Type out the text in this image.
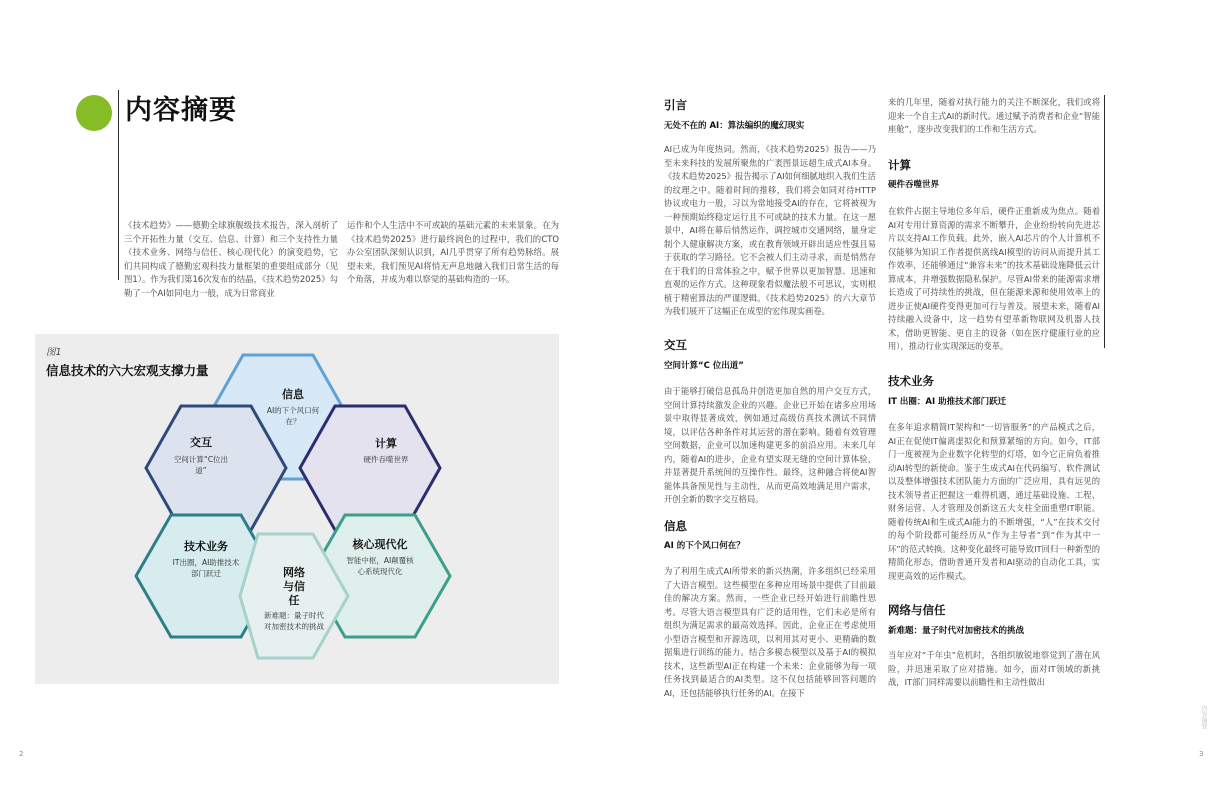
内容摘要

《技术趋势》——德勤全球旗舰级技术报告，深入剖析了三个开拓性力量（交互、信息、计算）和三个支持性力量（技术业务、网络与信任、核心现代化）的演变趋势，它们共同构成了德勤宏观科技力量框架的重要组成部分（见图1）。作为我们第16次发布的结晶，《技术趋势2025》勾勒了一个AI如同电力一般，成为日常商业

运作和个人生活中不可或缺的基础元素的未来景象。在为《技术趋势2025》进行最终润色的过程中，我们的CTO办公室团队深刻认识到，AI几乎贯穿了所有趋势脉络。展望未来，我们预见AI将悄无声息地融入我们日常生活的每个角落，并成为难以察觉的基础构造的一环。

图1
信息技术的六大宏观支撑力量
信息
AI的下个风口何在？
交互
空间计算“C位出道”
计算
硬件吞噬世界
技术业务
IT出圈，AI助推技术部门跃迁
核心现代化
智能中枢，AI颠覆核心系统现代化
网络与信任
新难题：量子时代对加密技术的挑战
2
引言
无处不在的 AI：算法编织的魔幻现实

AI已成为年度热词。然而，《技术趋势2025》报告——乃至未来科技的发展所聚焦的广袤图景远超生成式AI本身。《技术趋势2025》报告揭示了AI如何细腻地织入我们生活的纹理之中。随着时间的推移，我们将会如同对待HTTP协议或电力一般，习以为常地接受AI的存在，它将被视为一种预期始终稳定运行且不可或缺的技术力量。在这一愿景中，AI将在幕后悄然运作，调控城市交通网络，量身定制个人健康解决方案，或在教育领域开辟出适应性强且易于获取的学习路径。它不会被人们主动寻求，而是悄然存在于我们的日常体验之中，赋予世界以更加智慧、迅速和直观的运作方式。这种现象看似魔法般不可思议，实则根植于精密算法的严谨逻辑。《技术趋势2025》的六大章节为我们展开了这幅正在成型的宏伟现实画卷。

交互
空间计算“C 位出道”

由于能够打破信息孤岛并创造更加自然的用户交互方式，空间计算持续激发企业的兴趣。企业已开始在诸多应用场景中取得显著成效，例如通过高级仿真技术测试不同情境，以评估各种条件对其运营的潜在影响。随着有效管理空间数据，企业可以加速构建更多的前沿应用。未来几年内，随着AI的进步，企业有望实现无缝的空间计算体验，并显著提升系统间的互操作性。最终，这种融合将使AI智能体具备预见性与主动性，从而更高效地满足用户需求，开创全新的数字交互格局。

信息
AI 的下个风口何在？

为了利用生成式AI所带来的新兴热潮，许多组织已经采用了大语言模型。这些模型在多种应用场景中提供了目前最佳的解决方案。然而，一些企业已经开始进行前瞻性思考。尽管大语言模型具有广泛的适用性，它们未必是所有组织为满足需求的最高效选择。因此，企业正在考虑使用小型语言模型和开源选项，以利用其对更小、更精确的数据集进行训练的能力。结合多模态模型以及基于AI的模拟技术，这些新型AI正在构建一个未来：企业能够为每一项任务找到最适合的AI类型。这不仅包括能够回答问题的AI，还包括能够执行任务的AI。在接下

来的几年里，随着对执行能力的关注不断深化，我们或将迎来一个自主式AI的新时代。通过赋予消费者和企业“智能座舱”，逐步改变我们的工作和生活方式。

计算
硬件吞噬世界

在软件占据主导地位多年后，硬件正重新成为焦点。随着AI对专用计算资源的需求不断攀升，企业纷纷转向先进芯片以支持AI工作负载。此外，嵌入AI芯片的个人计算机不仅能够为知识工作者提供离线AI模型的访问从而提升其工作效率，还能够通过“兼容未来”的技术基础设施降低云计算成本，并增强数据隐私保护。尽管AI带来的能源需求增长造成了可持续性的挑战，但在能源来源和使用效率上的进步正使AI硬件变得更加可行与普及。展望未来，随着AI持续融入设备中，这一趋势有望革新物联网及机器人技术，借助更智能、更自主的设备（如在医疗健康行业的应用），推动行业实现深远的变革。

技术业务
IT 出圈：AI 助推技术部门跃迁

在多年追求精简IT架构和“一切皆服务”的产品模式之后，AI正在促使IT偏离虚拟化和预算紧缩的方向。如今，IT部门一度被视为企业数字化转型的灯塔，如今它正肩负着推动AI转型的新使命。鉴于生成式AI在代码编写、软件测试以及整体增强技术团队能力方面的广泛应用，具有远见的技术领导者正把握这一难得机遇，通过基础设施、工程、财务运营、人才管理及创新这五大支柱全面重塑IT职能。随着传统AI和生成式AI能力的不断增强，“人”在技术交付的每个阶段都可能经历从“作为主导者”到“作为其中一环”的范式转换。这种变化最终可能导致IT回归一种新型的精简化形态，借助普通开发者和AI驱动的自动化工具，实现更高效的运作模式。

网络与信任
新难题：量子时代对加密技术的挑战

当年应对“千年虫”危机时，各组织敏锐地察觉到了潜在风险，并迅速采取了应对措施。如今，面对IT领域的新挑战，IT部门同样需要以前瞻性和主动性做出

内容摘要
3
